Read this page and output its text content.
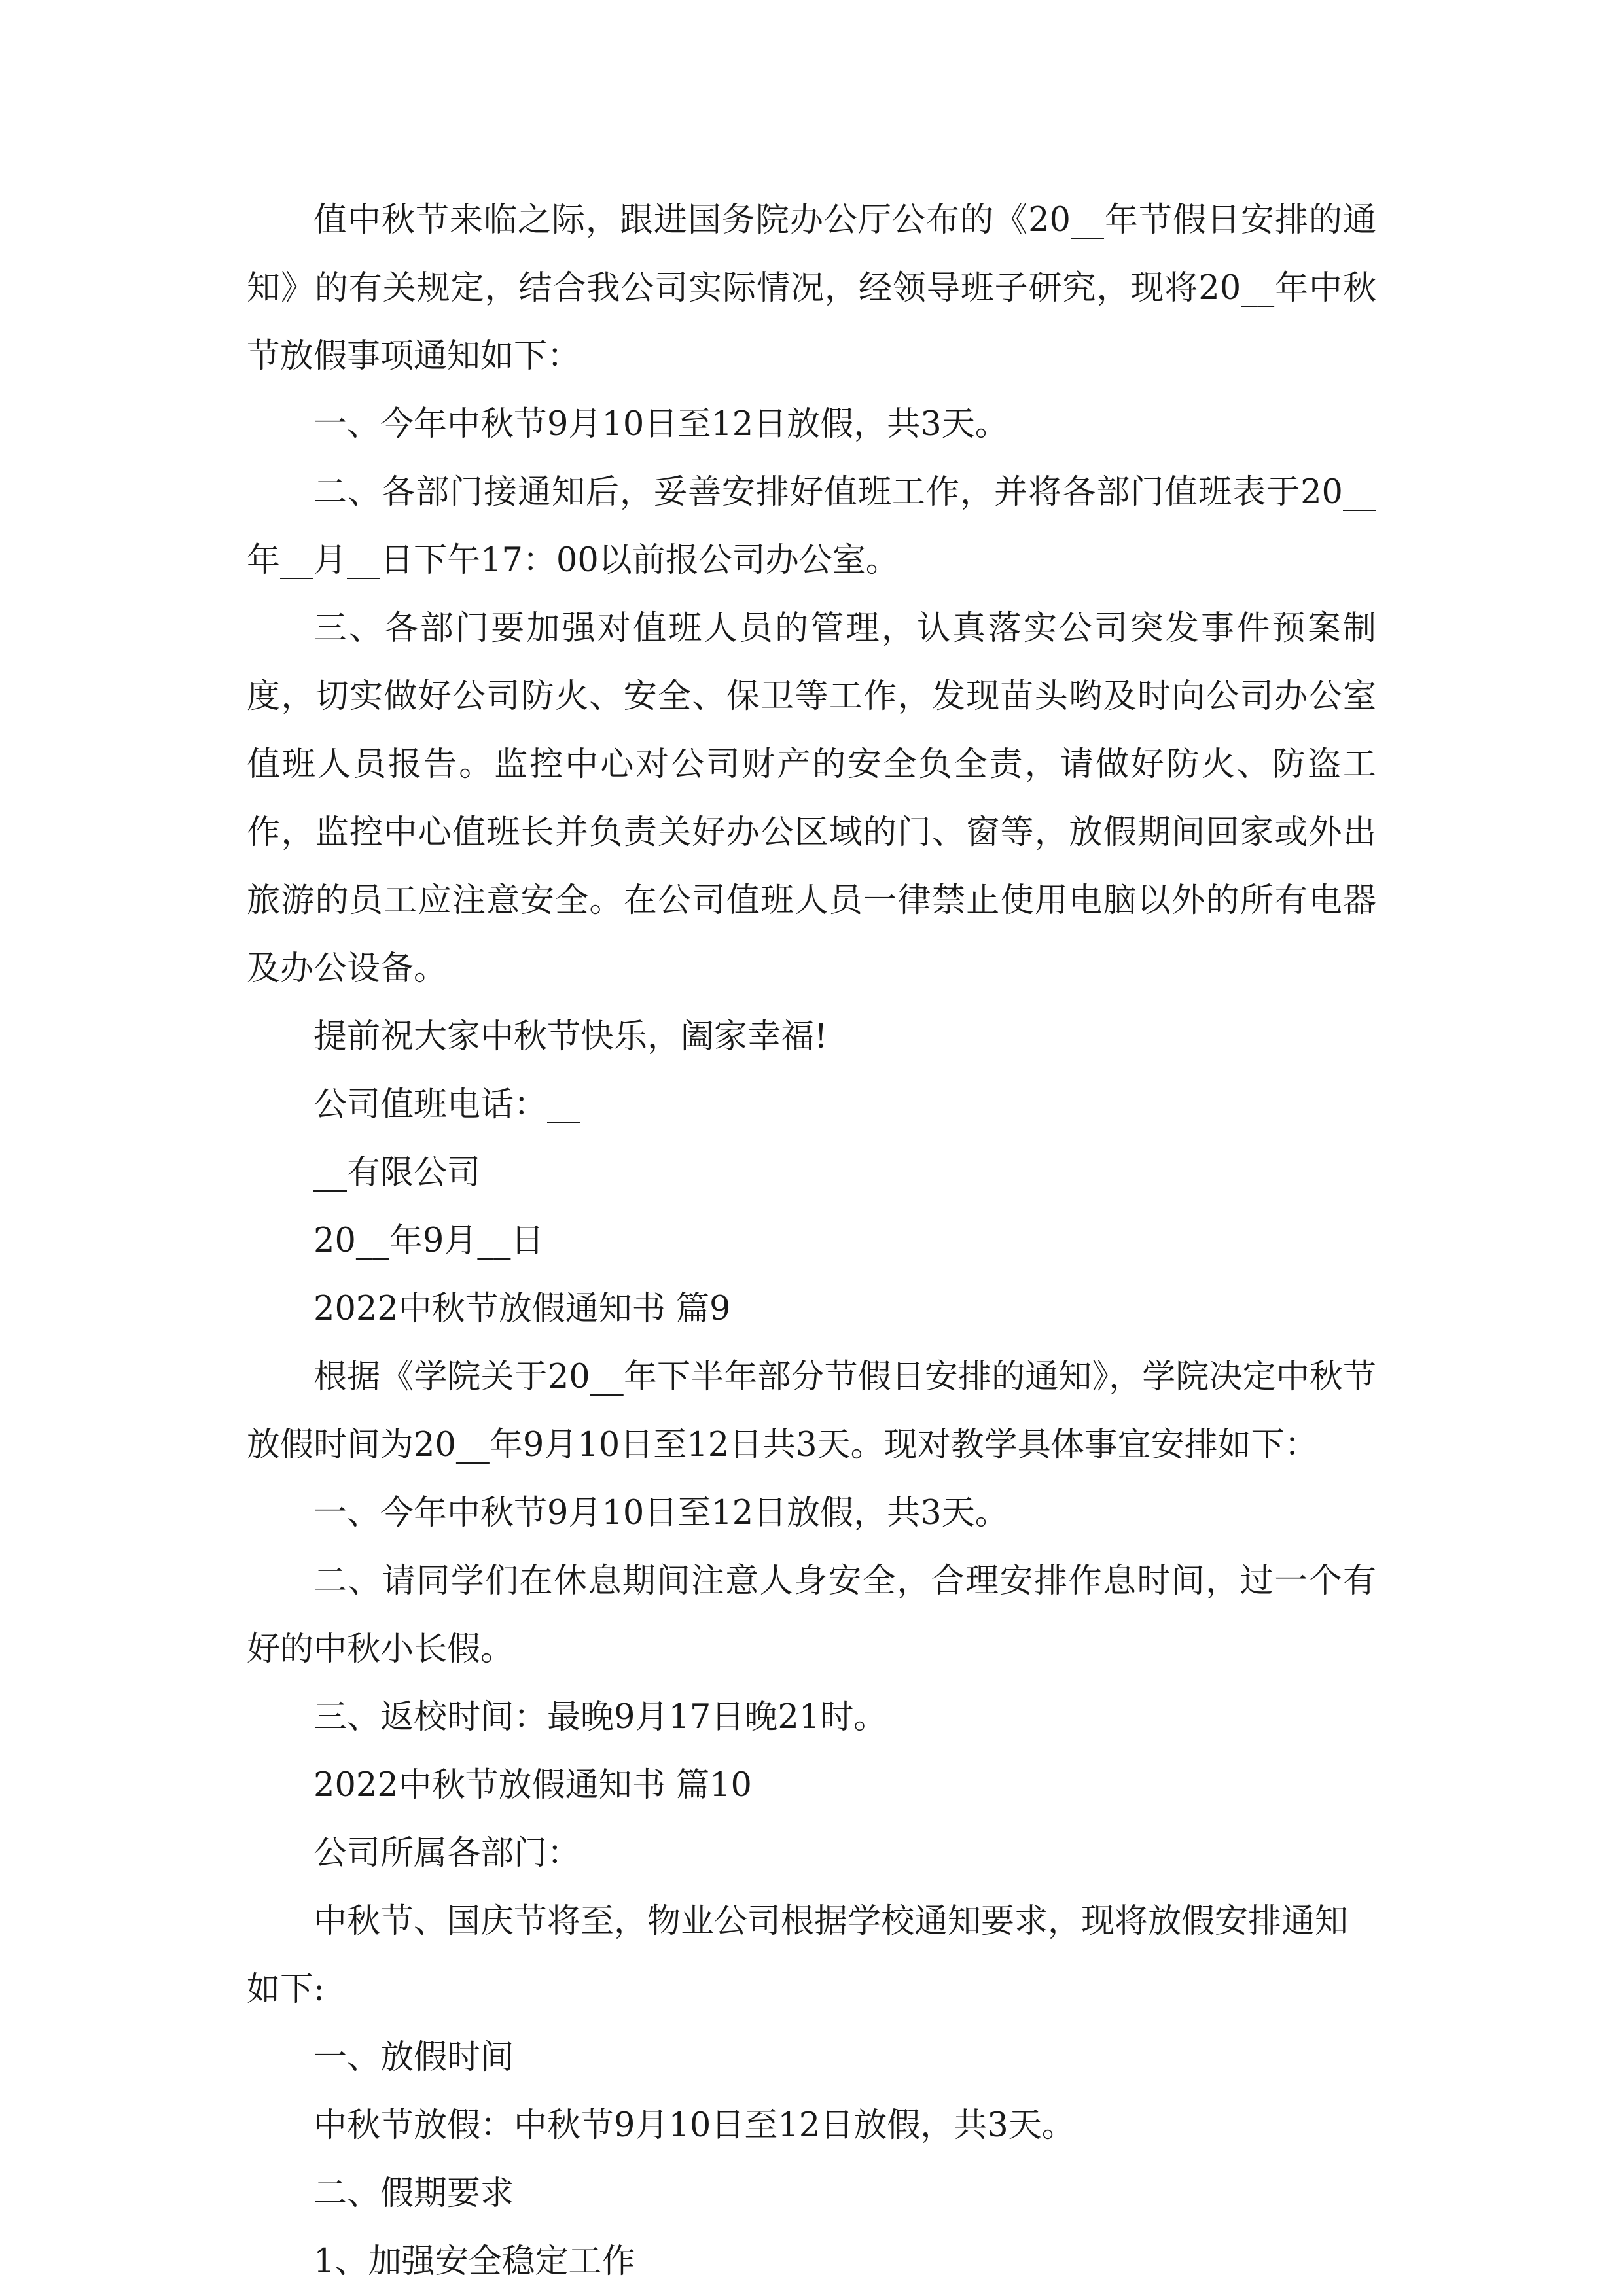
值中秋节来临之际，跟进国务院办公厅公布的《20__年节假日安排的通知》的有关规定，结合我公司实际情况，经领导班子研究，现将20__年中秋节放假事项通知如下：

一、今年中秋节9月10日至12日放假，共3天。

二、各部门接通知后，妥善安排好值班工作，并将各部门值班表于20__年__月__日下午17：00以前报公司办公室。

三、各部门要加强对值班人员的管理，认真落实公司突发事件预案制度，切实做好公司防火、安全、保卫等工作，发现苗头哟及时向公司办公室值班人员报告。监控中心对公司财产的安全负全责，请做好防火、防盗工作，监控中心值班长并负责关好办公区域的门、窗等，放假期间回家或外出旅游的员工应注意安全。在公司值班人员一律禁止使用电脑以外的所有电器及办公设备。

提前祝大家中秋节快乐，阖家幸福!

公司值班电话：__

__有限公司

20__年9月__日

2022中秋节放假通知书 篇9

根据《学院关于20__年下半年部分节假日安排的通知》，学院决定中秋节放假时间为20__年9月10日至12日共3天。现对教学具体事宜安排如下：

一、今年中秋节9月10日至12日放假，共3天。

二、请同学们在休息期间注意人身安全，合理安排作息时间，过一个有好的中秋小长假。

三、返校时间：最晚9月17日晚21时。

2022中秋节放假通知书 篇10

公司所属各部门：

中秋节、国庆节将至，物业公司根据学校通知要求，现将放假安排通知如下:

一、放假时间

中秋节放假：中秋节9月10日至12日放假，共3天。

二、假期要求

1、加强安全稳定工作
